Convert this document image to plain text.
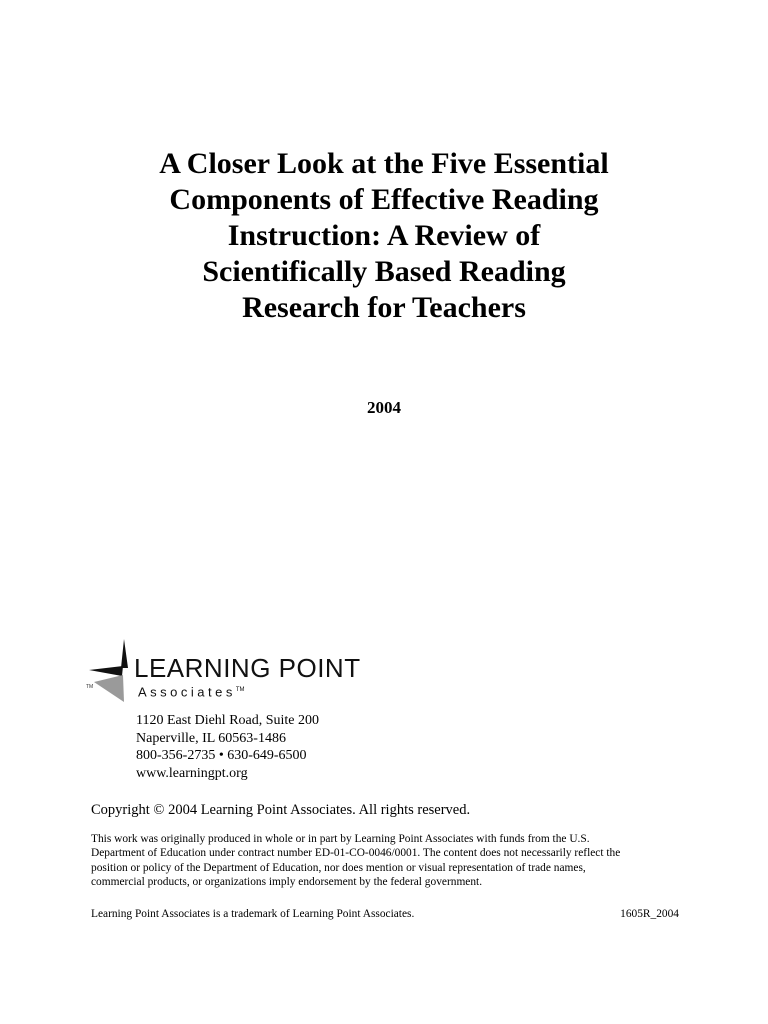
A Closer Look at the Five Essential
Components of Effective Reading
Instruction: A Review of
Scientifically Based Reading
Research for Teachers
2004
TM
LEARNING POINT
Associates™
1120 East Diehl Road, Suite 200
Naperville, IL 60563-1486
800-356-2735 • 630-649-6500
www.learningpt.org
Copyright © 2004 Learning Point Associates. All rights reserved.
This work was originally produced in whole or in part by Learning Point Associates with funds from the U.S.
Department of Education under contract number ED-01-CO-0046/0001. The content does not necessarily reflect the
position or policy of the Department of Education, nor does mention or visual representation of trade names,
commercial products, or organizations imply endorsement by the federal government.
Learning Point Associates is a trademark of Learning Point Associates.	1605R_2004
